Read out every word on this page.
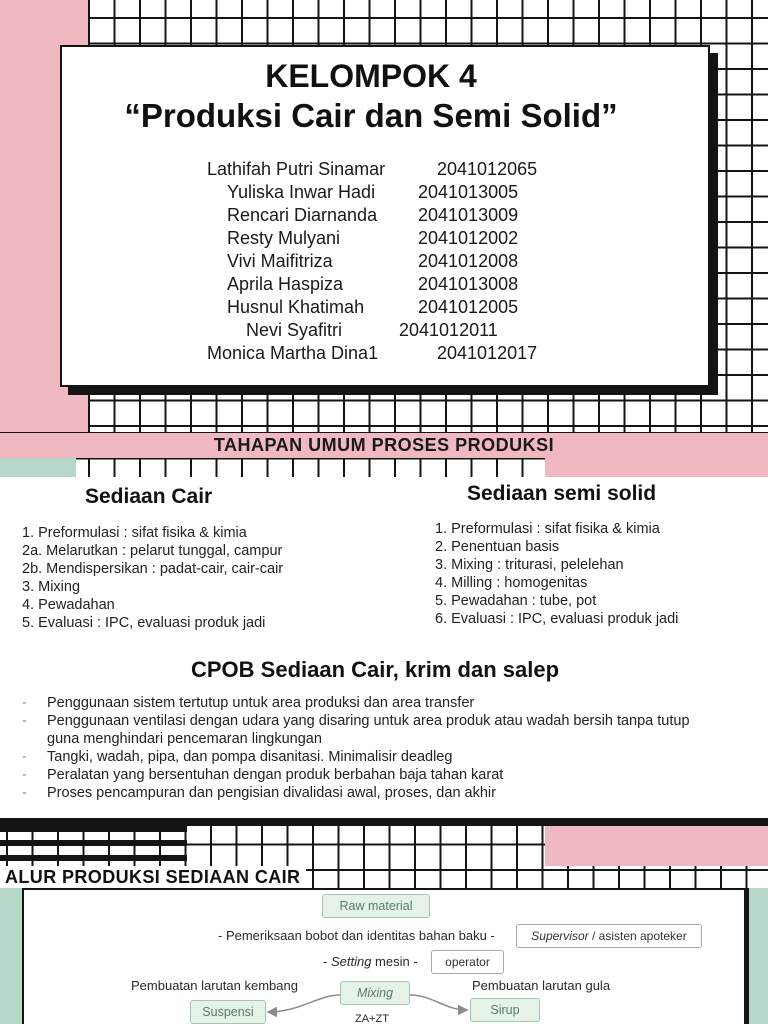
KELOMPOK 4
“Produksi Cair dan Semi Solid”
Lathifah Putri Sinamar	2041012065
Yuliska Inwar Hadi 2041013005
Rencari Diarnanda 2041013009
Resty Mulyani	2041012002
Vivi Maifitriza	2041012008
Aprila Haspiza	2041013008
Husnul Khatimah	2041012005
Nevi Syafitri	2041012011
Monica Martha Dina1	2041012017
TAHAPAN UMUM PROSES PRODUKSI
Sediaan Cair	Sediaan semi solid
1. Preformulasi : sifat fisika & kimia
2a. Melarutkan : pelarut tunggal, campur
2b. Mendispersikan : padat-cair, cair-cair
3. Mixing
4. Pewadahan
5. Evaluasi : IPC, evaluasi produk jadi
1. Preformulasi : sifat fisika & kimia
2. Penentuan basis
3. Mixing : triturasi, pelelehan
4. Milling : homogenitas
5. Pewadahan : tube, pot
6. Evaluasi : IPC, evaluasi produk jadi
CPOB Sediaan Cair, krim dan salep
- Penggunaan sistem tertutup untuk area produksi dan area transfer
- Penggunaan ventilasi dengan udara yang disaring untuk area produk atau wadah bersih tanpa tutup
guna menghindari pencemaran lingkungan
- Tangki, wadah, pipa, dan pompa disanitasi. Minimalisir deadleg
- Peralatan yang bersentuhan dengan produk berbahan baja tahan karat
- Proses pencampuran dan pengisian divalidasi awal, proses, dan akhir
ALUR PRODUKSI SEDIAAN CAIR
Raw material
- Pemeriksaan bobot dan identitas bahan baku -	Supervisor / asisten apoteker
- Setting mesin -	operator
Pembuatan larutan kembang	Pembuatan larutan gula
Mixing
Suspensi	Sirup
ZA+ZT
